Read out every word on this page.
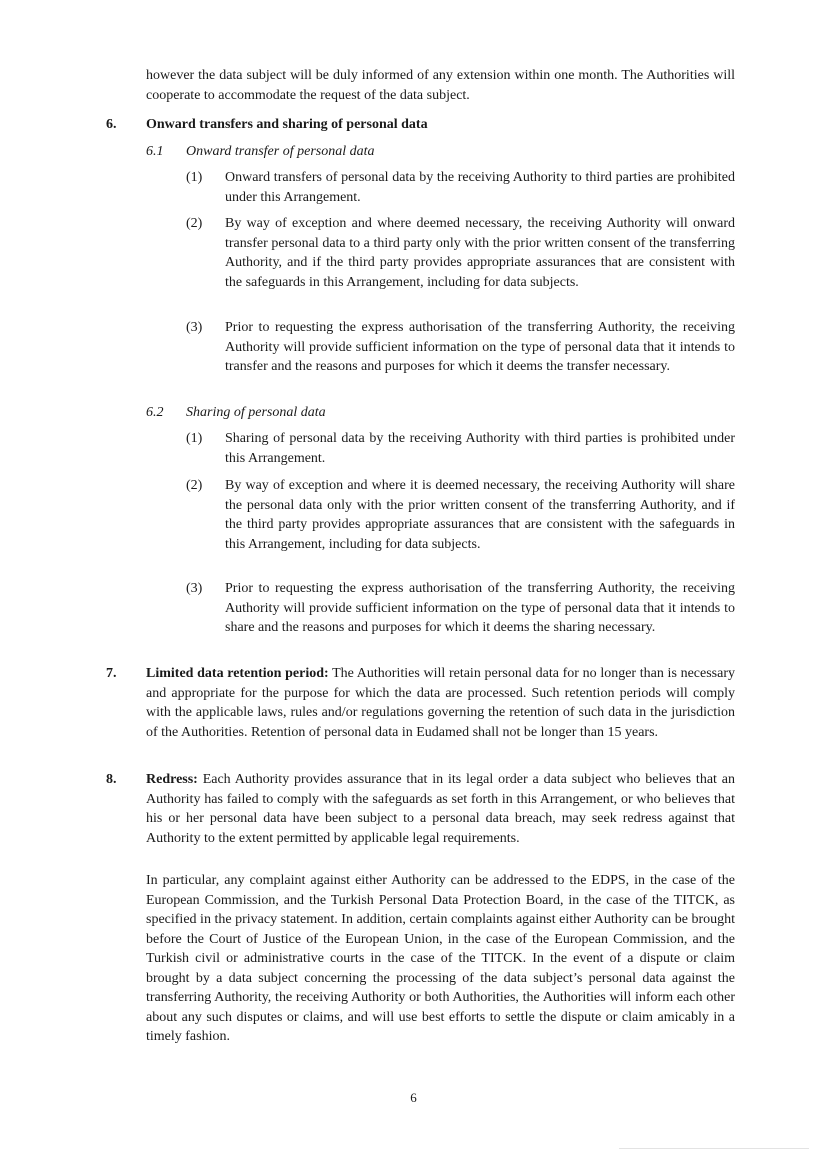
however the data subject will be duly informed of any extension within one month. The Authorities will cooperate to accommodate the request of the data subject.

6. Onward transfers and sharing of personal data
6.1 Onward transfer of personal data
(1) Onward transfers of personal data by the receiving Authority to third parties are prohibited under this Arrangement.

(2) By way of exception and where deemed necessary, the receiving Authority will onward transfer personal data to a third party only with the prior written consent of the transferring Authority, and if the third party provides appropriate assurances that are consistent with the safeguards in this Arrangement, including for data subjects.

(3) Prior to requesting the express authorisation of the transferring Authority, the receiving Authority will provide sufficient information on the type of personal data that it intends to transfer and the reasons and purposes for which it deems the transfer necessary.

6.2 Sharing of personal data
(1) Sharing of personal data by the receiving Authority with third parties is prohibited under this Arrangement.

(2) By way of exception and where it is deemed necessary, the receiving Authority will share the personal data only with the prior written consent of the transferring Authority, and if the third party provides appropriate assurances that are consistent with the safeguards in this Arrangement, including for data subjects.

(3) Prior to requesting the express authorisation of the transferring Authority, the receiving Authority will provide sufficient information on the type of personal data that it intends to share and the reasons and purposes for which it deems the sharing necessary.

7. Limited data retention period: The Authorities will retain personal data for no longer than is necessary and appropriate for the purpose for which the data are processed. Such retention periods will comply with the applicable laws, rules and/or regulations governing the retention of such data in the jurisdiction of the Authorities. Retention of personal data in Eudamed shall not be longer than 15 years.

8. Redress: Each Authority provides assurance that in its legal order a data subject who believes that an Authority has failed to comply with the safeguards as set forth in this Arrangement, or who believes that his or her personal data have been subject to a personal data breach, may seek redress against that Authority to the extent permitted by applicable legal requirements.

In particular, any complaint against either Authority can be addressed to the EDPS, in the case of the European Commission, and the Turkish Personal Data Protection Board, in the case of the TITCK, as specified in the privacy statement. In addition, certain complaints against either Authority can be brought before the Court of Justice of the European Union, in the case of the European Commission, and the Turkish civil or administrative courts in the case of the TITCK. In the event of a dispute or claim brought by a data subject concerning the processing of the data subject’s personal data against the transferring Authority, the receiving Authority or both Authorities, the Authorities will inform each other about any such disputes or claims, and will use best efforts to settle the dispute or claim amicably in a timely fashion.

6
